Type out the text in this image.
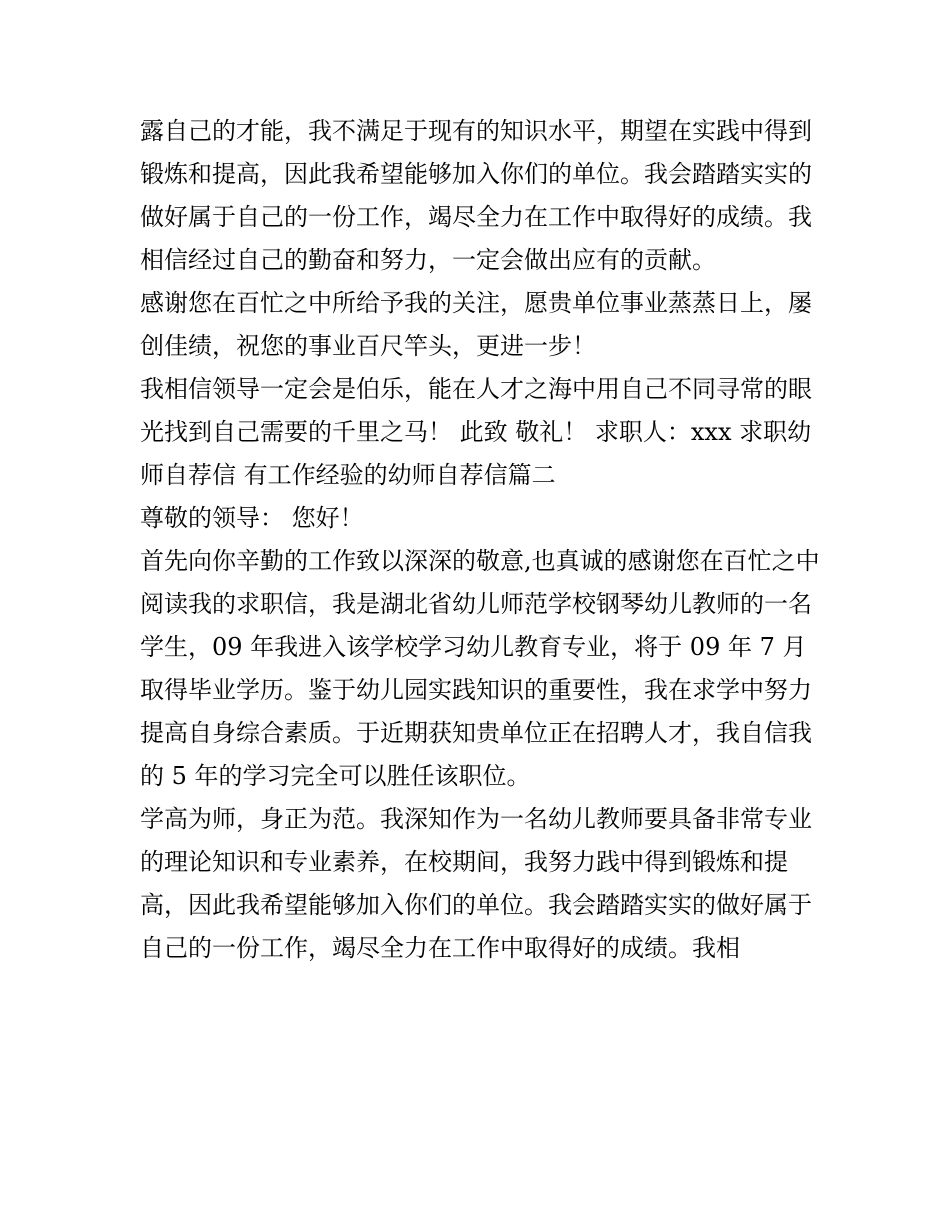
露自己的才能，我不满足于现有的知识水平，期望在实践中得到锻炼和提高，因此我希望能够加入你们的单位。我会踏踏实实的做好属于自己的一份工作，竭尽全力在工作中取得好的成绩。我相信经过自己的勤奋和努力，一定会做出应有的贡献。

感谢您在百忙之中所给予我的关注，愿贵单位事业蒸蒸日上，屡创佳绩，祝您的事业百尺竿头，更进一步！

我相信领导一定会是伯乐，能在人才之海中用自己不同寻常的眼光找到自己需要的千里之马！ 此致 敬礼！ 求职人：xxx 求职幼师自荐信 有工作经验的幼师自荐信篇二

尊敬的领导： 您好！

首先向你辛勤的工作致以深深的敬意,也真诚的感谢您在百忙之中阅读我的求职信，我是湖北省幼儿师范学校钢琴幼儿教师的一名学生，09 年我进入该学校学习幼儿教育专业，将于 09 年 7 月取得毕业学历。鉴于幼儿园实践知识的重要性，我在求学中努力提高自身综合素质。于近期获知贵单位正在招聘人才，我自信我的 5 年的学习完全可以胜任该职位。

学高为师，身正为范。我深知作为一名幼儿教师要具备非常专业的理论知识和专业素养，在校期间，我努力践中得到锻炼和提高，因此我希望能够加入你们的单位。我会踏踏实实的做好属于自己的一份工作，竭尽全力在工作中取得好的成绩。我相
